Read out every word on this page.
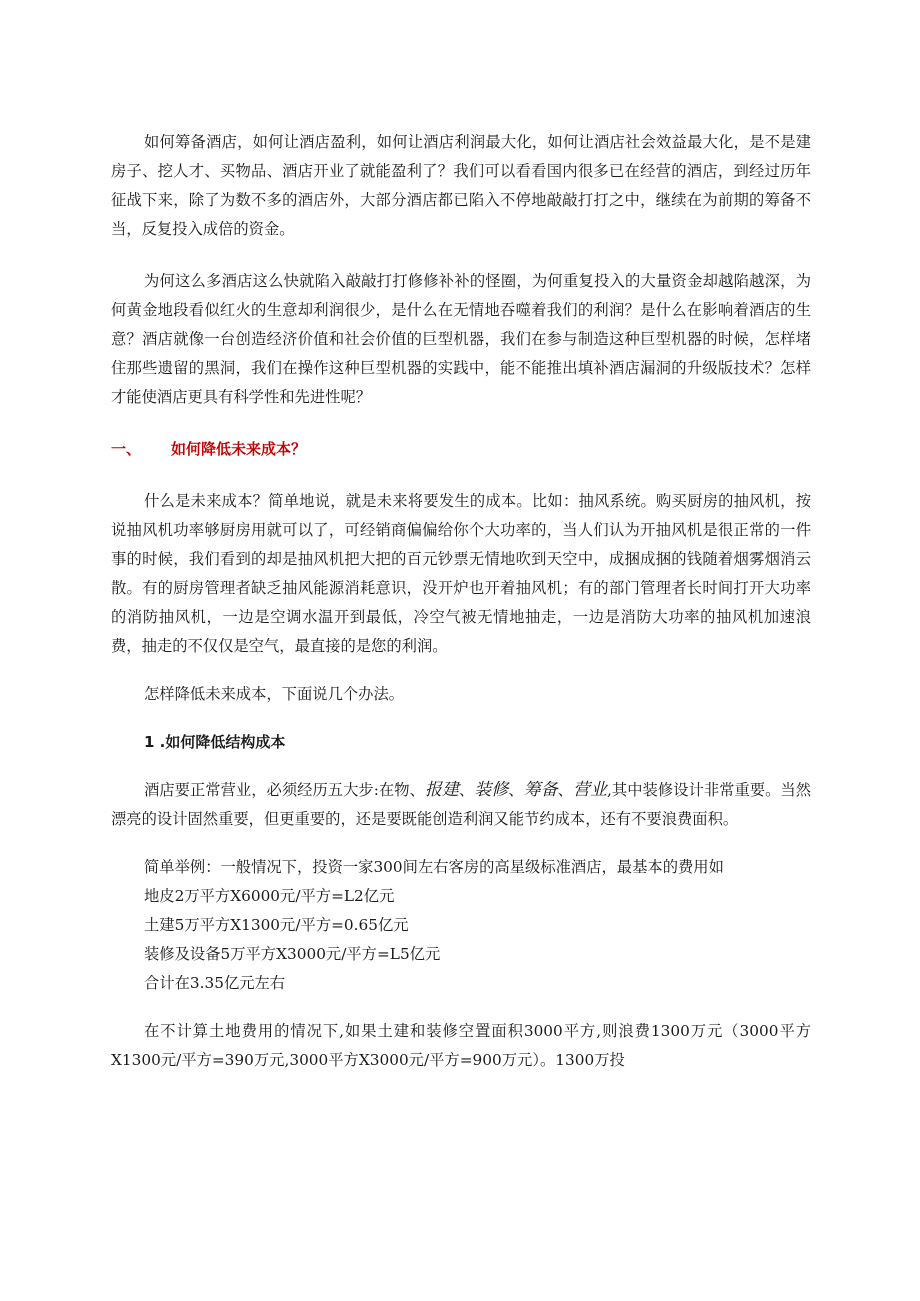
如何筹备酒店，如何让酒店盈利，如何让酒店利润最大化，如何让酒店社会效益最大化，是不是建房子、挖人才、买物品、酒店开业了就能盈利了？我们可以看看国内很多已在经营的酒店，到经过历年征战下来，除了为数不多的酒店外，大部分酒店都已陷入不停地敲敲打打之中，继续在为前期的筹备不当，反复投入成倍的资金。

为何这么多酒店这么快就陷入敲敲打打修修补补的怪圈，为何重复投入的大量资金却越陷越深，为何黄金地段看似红火的生意却利润很少，是什么在无情地吞噬着我们的利润？是什么在影响着酒店的生意？酒店就像一台创造经济价值和社会价值的巨型机器，我们在参与制造这种巨型机器的时候，怎样堵住那些遗留的黑洞，我们在操作这种巨型机器的实践中，能不能推出填补酒店漏洞的升级版技术？怎样才能使酒店更具有科学性和先进性呢？

一、 如何降低未来成本？

什么是未来成本？简单地说，就是未来将要发生的成本。比如：抽风系统。购买厨房的抽风机，按说抽风机功率够厨房用就可以了，可经销商偏偏给你个大功率的，当人们认为开抽风机是很正常的一件事的时候，我们看到的却是抽风机把大把的百元钞票无情地吹到天空中，成捆成捆的钱随着烟雾烟消云散。有的厨房管理者缺乏抽风能源消耗意识，没开炉也开着抽风机；有的部门管理者长时间打开大功率的消防抽风机，一边是空调水温开到最低，冷空气被无情地抽走，一边是消防大功率的抽风机加速浪费，抽走的不仅仅是空气，最直接的是您的利润。

怎样降低未来成本，下面说几个办法。

1 .如何降低结构成本

酒店要正常营业，必须经历五大步:在物、报建、装修、筹备、营业,其中装修设计非常重要。当然漂亮的设计固然重要，但更重要的，还是要既能创造利润又能节约成本，还有不要浪费面积。

简单举例：一般情况下，投资一家300间左右客房的高星级标准酒店，最基本的费用如

地皮2万平方X6000元/平方=L2亿元

土建5万平方X1300元/平方=0.65亿元

装修及设备5万平方X3000元/平方=L5亿元

合计在3.35亿元左右

在不计算土地费用的情况下,如果土建和装修空置面积3000平方,则浪费1300万元（3000平方X1300元/平方=390万元,3000平方X3000元/平方=900万元）。1300万投
